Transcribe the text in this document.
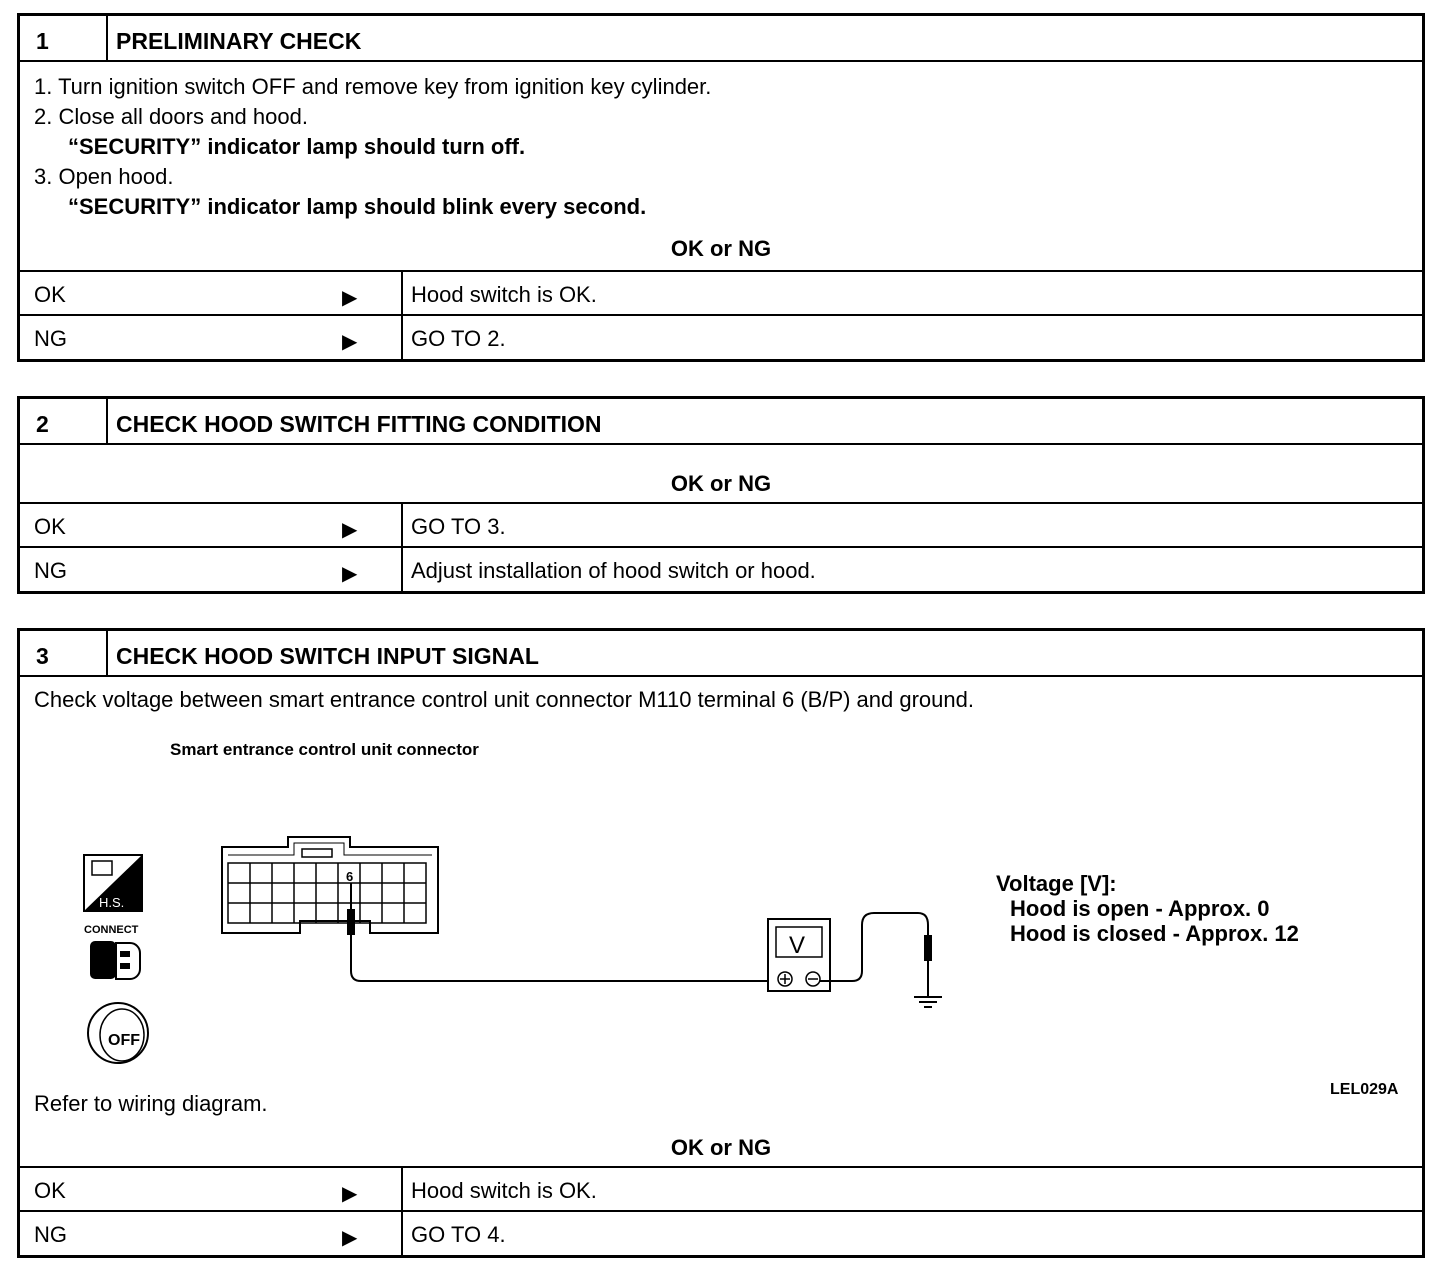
1	PRELIMINARY CHECK
1. Turn ignition switch OFF and remove key from ignition key cylinder.
2. Close all doors and hood.
“SECURITY” indicator lamp should turn off.
3. Open hood.
“SECURITY” indicator lamp should blink every second.
OK or NG
OK	▶	Hood switch is OK.
NG	▶	GO TO 2.
2	CHECK HOOD SWITCH FITTING CONDITION
OK or NG
OK	▶	GO TO 3.
NG	▶	Adjust installation of hood switch or hood.
3	CHECK HOOD SWITCH INPUT SIGNAL
Check voltage between smart entrance control unit connector M110 terminal 6 (B/P) and ground.
Smart entrance control unit connector
H.S.
CONNECT
OFF
6
V
Voltage [V]:
Hood is open - Approx. 0
Hood is closed - Approx. 12
LEL029A
Refer to wiring diagram.
OK or NG
OK	▶	Hood switch is OK.
NG	▶	GO TO 4.
